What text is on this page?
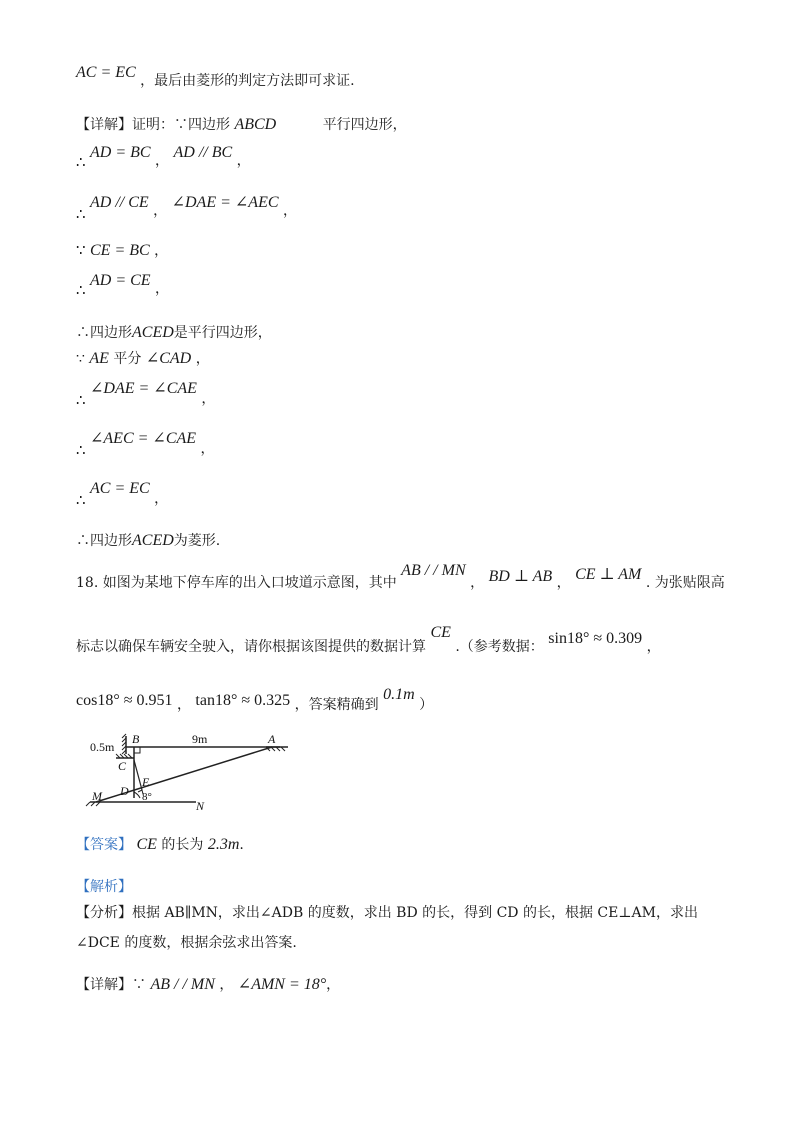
AC = EC ，最后由菱形的判定方法即可求证.
【详解】证明：∵四边形 ABCD	平行四边形，
∴ AD = BC ， AD // BC ，
∴ AD // CE ， ∠DAE = ∠AEC ，
∵ CE = BC ，
∴ AD = CE ，
∴四边形ACED是平行四边形，
∵ AE 平分 ∠CAD ，
∴ ∠DAE = ∠CAE ，
∴ ∠AEC = ∠CAE ，
∴ AC = EC ，
∴四边形ACED为菱形.
18. 如图为某地下停车库的出入口坡道示意图，其中 AB / / MN ， BD ⊥ AB ， CE ⊥ AM . 为张贴限高
标志以确保车辆安全驶入，请你根据该图提供的数据计算 CE .（参考数据： sin18° ≈ 0.309 ，
cos18° ≈ 0.951 ， tan18° ≈ 0.325 ，答案精确到 0.1m ）
0.5m
B	9m	A
C
E
D 8°
M
N
【答案】 CE 的长为 2.3m.
【解析】
【分析】根据 AB∥MN，求出∠ADB 的度数，求出 BD 的长，得到 CD 的长，根据 CE⊥AM，求出∠DCE 的度数，根据余弦求出答案.
【详解】∵ AB / / MN ， ∠AMN = 18°，
